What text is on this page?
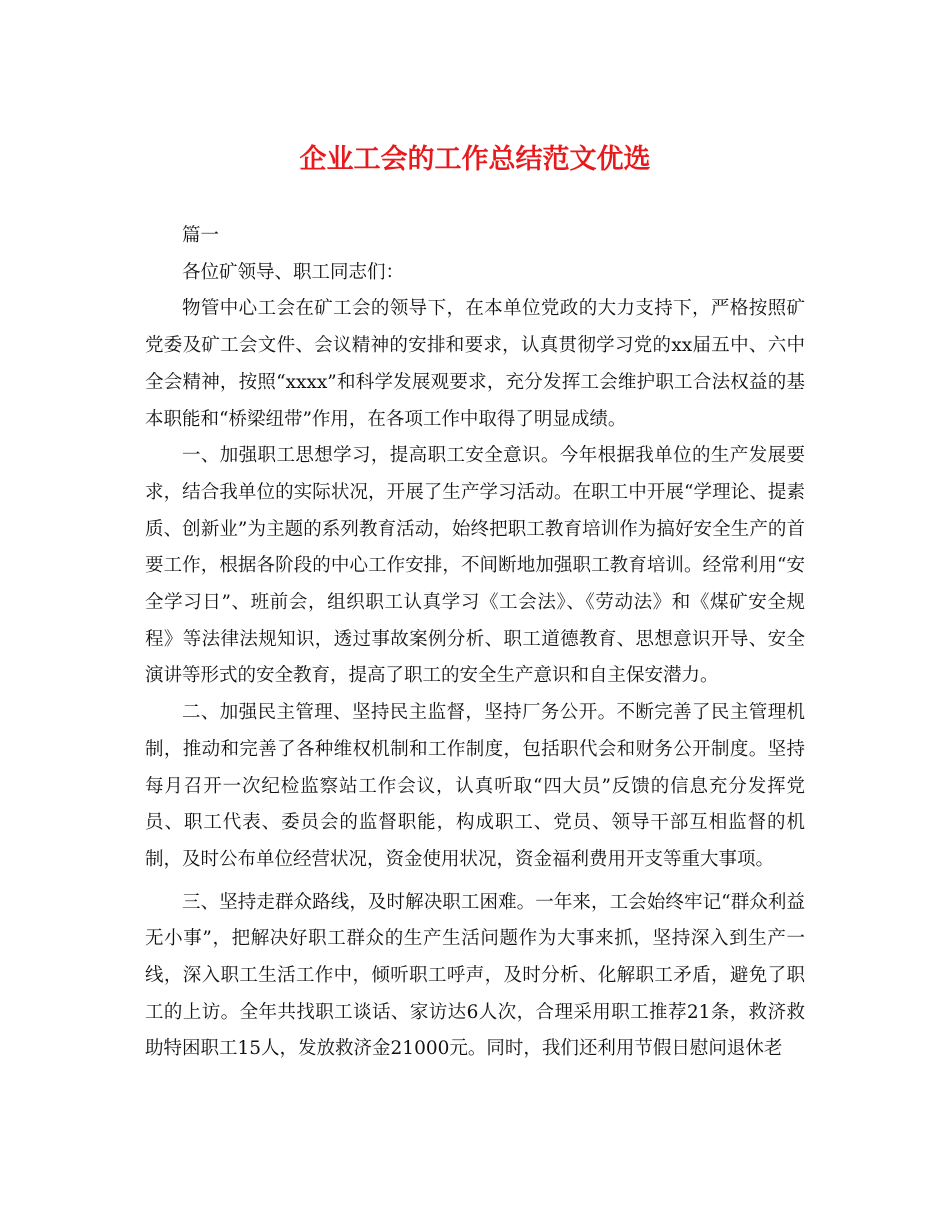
企业工会的工作总结范文优选

篇一

各位矿领导、职工同志们：

物管中心工会在矿工会的领导下，在本单位党政的大力支持下，严格按照矿党委及矿工会文件、会议精神的安排和要求，认真贯彻学习党的xx届五中、六中全会精神，按照“xxxx”和科学发展观要求，充分发挥工会维护职工合法权益的基本职能和“桥梁纽带”作用，在各项工作中取得了明显成绩。

一、加强职工思想学习，提高职工安全意识。今年根据我单位的生产发展要求，结合我单位的实际状况，开展了生产学习活动。在职工中开展“学理论、提素质、创新业”为主题的系列教育活动，始终把职工教育培训作为搞好安全生产的首要工作，根据各阶段的中心工作安排，不间断地加强职工教育培训。经常利用“安全学习日”、班前会，组织职工认真学习《工会法》、《劳动法》和《煤矿安全规程》等法律法规知识，透过事故案例分析、职工道德教育、思想意识开导、安全演讲等形式的安全教育，提高了职工的安全生产意识和自主保安潜力。

二、加强民主管理、坚持民主监督，坚持厂务公开。不断完善了民主管理机制，推动和完善了各种维权机制和工作制度，包括职代会和财务公开制度。坚持每月召开一次纪检监察站工作会议，认真听取“四大员”反馈的信息充分发挥党员、职工代表、委员会的监督职能，构成职工、党员、领导干部互相监督的机制，及时公布单位经营状况，资金使用状况，资金福利费用开支等重大事项。

三、坚持走群众路线，及时解决职工困难。一年来，工会始终牢记“群众利益无小事”，把解决好职工群众的生产生活问题作为大事来抓，坚持深入到生产一线，深入职工生活工作中，倾听职工呼声，及时分析、化解职工矛盾，避免了职工的上访。全年共找职工谈话、家访达6人次，合理采用职工推荐21条，救济救助特困职工15人，发放救济金21000元。同时，我们还利用节假日慰问退休老
